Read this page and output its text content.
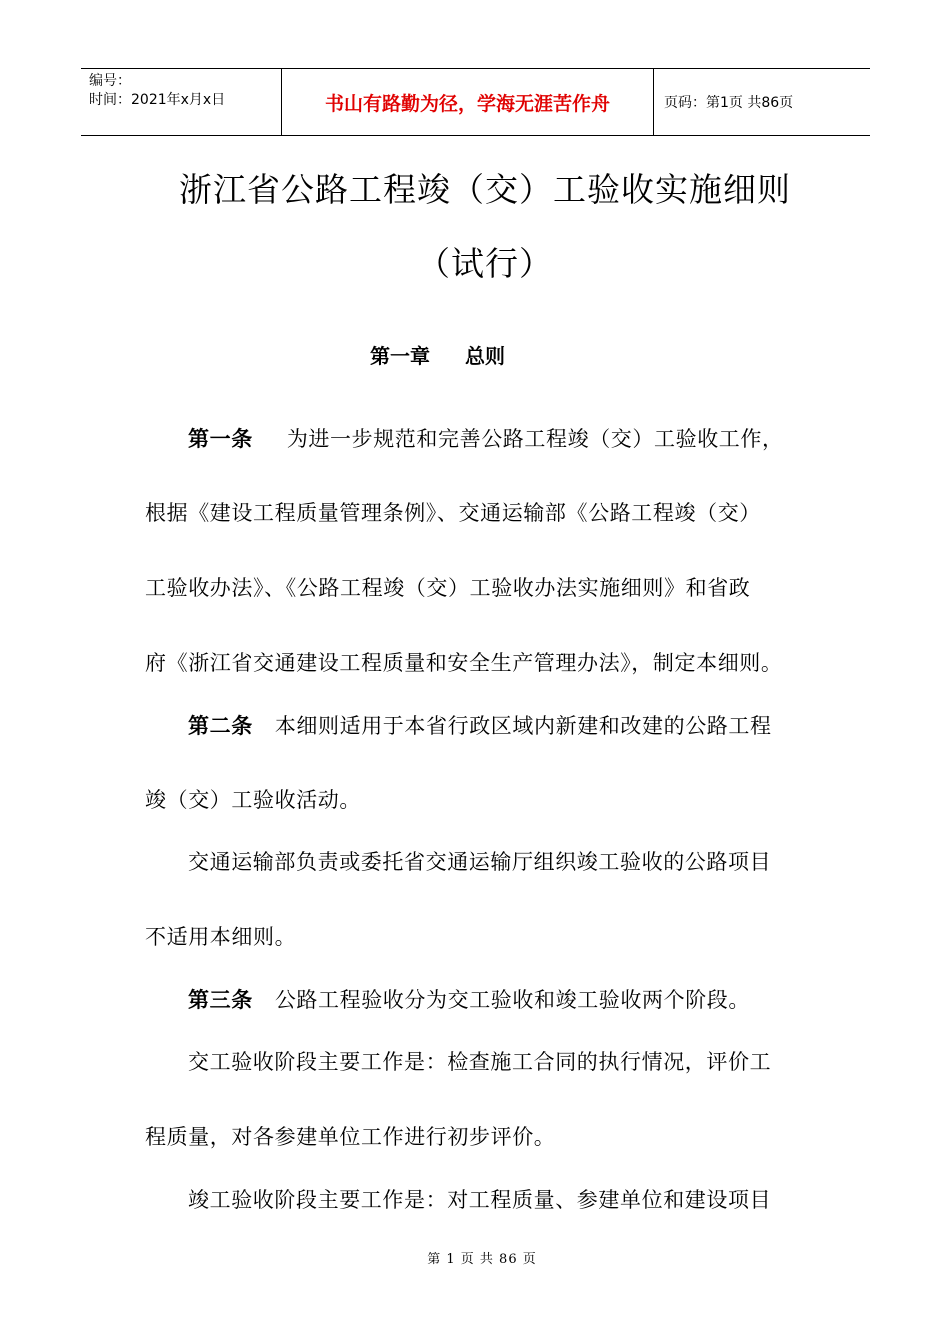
编号：
时间：2021年x月x日	书山有路勤为径，学海无涯苦作舟	页码：第1页 共86页
浙江省公路工程竣（交）工验收实施细则
（试行）
第一章 总则
第一条 为进一步规范和完善公路工程竣（交）工验收工作，
根据《建设工程质量管理条例》、交通运输部《公路工程竣（交）
工验收办法》、《公路工程竣（交）工验收办法实施细则》和省政
府《浙江省交通建设工程质量和安全生产管理办法》，制定本细则。
第二条 本细则适用于本省行政区域内新建和改建的公路工程
竣（交）工验收活动。
交通运输部负责或委托省交通运输厅组织竣工验收的公路项目
不适用本细则。
第三条 公路工程验收分为交工验收和竣工验收两个阶段。
交工验收阶段主要工作是：检查施工合同的执行情况，评价工
程质量，对各参建单位工作进行初步评价。
竣工验收阶段主要工作是：对工程质量、参建单位和建设项目
第 1 页 共 86 页
